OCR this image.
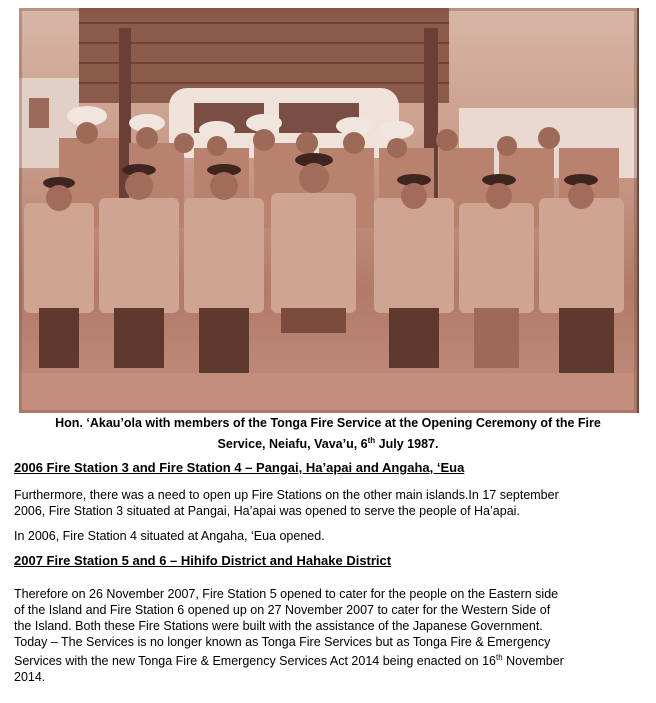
Hon. ‘Akau’ola with members of the Tonga Fire Service at the Opening Ceremony of the Fire
Service, Neiafu, Vava’u, 6th July 1987.
2006 Fire Station 3 and Fire Station 4 – Pangai, Ha’apai and Angaha, ‘Eua
Furthermore, there was a need to open up Fire Stations on the other main islands.In 17 september
2006, Fire Station 3 situated at Pangai, Ha’apai was opened to serve the people of Ha’apai.
In 2006, Fire Station 4 situated at Angaha, ‘Eua opened.
2007 Fire Station 5 and 6 – Hihifo District and Hahake District
Therefore on 26 November 2007, Fire Station 5 opened to cater for the people on the Eastern side
of the Island and Fire Station 6 opened up on 27 November 2007 to cater for the Western Side of
the Island. Both these Fire Stations were built with the assistance of the Japanese Government.
Today – The Services is no longer known as Tonga Fire Services but as Tonga Fire & Emergency
Services with the new Tonga Fire & Emergency Services Act 2014 being enacted on 16th November
2014.
